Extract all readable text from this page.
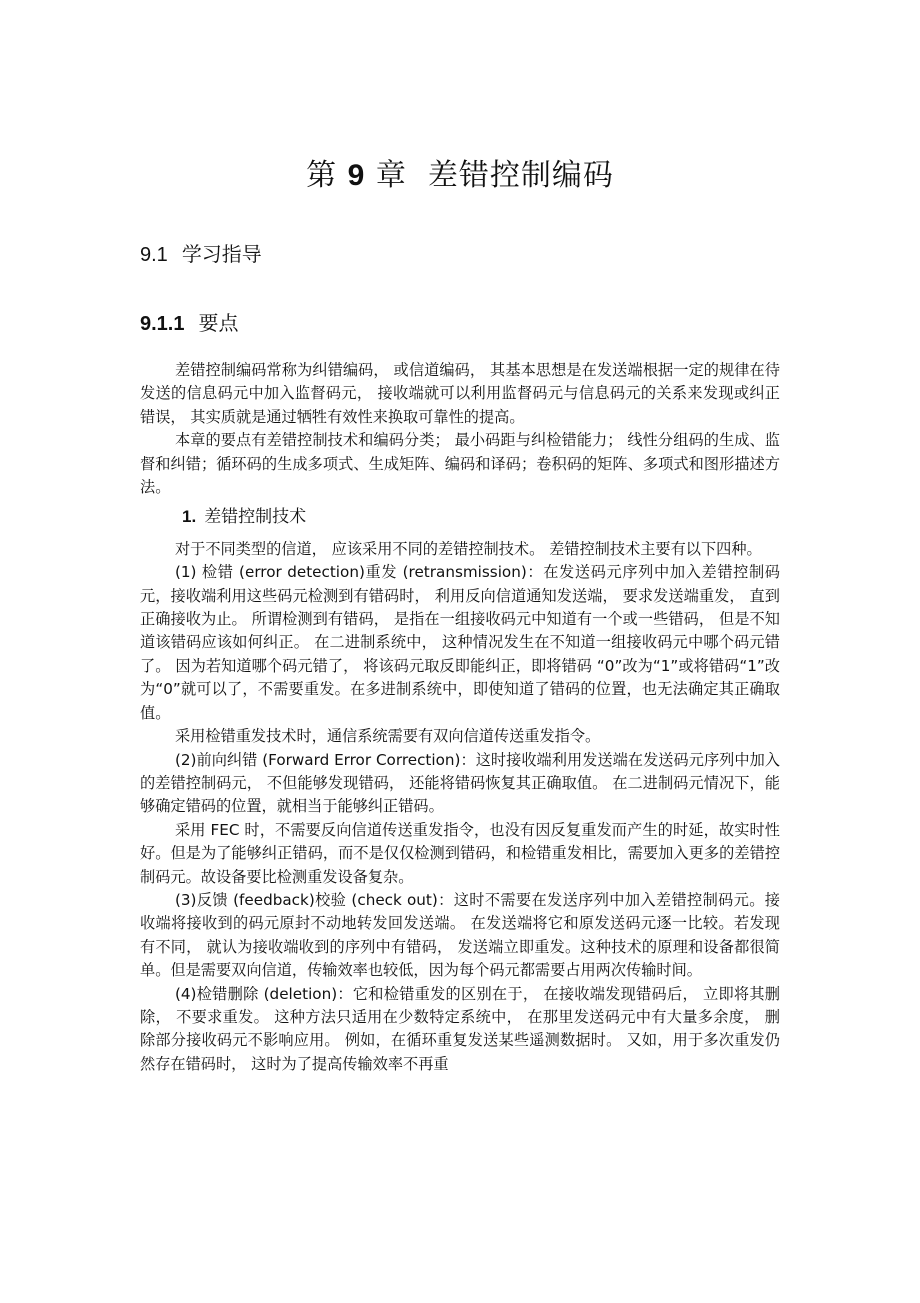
第 9 章 差错控制编码
9.1 学习指导
9.1.1 要点

差错控制编码常称为纠错编码， 或信道编码， 其基本思想是在发送端根据一定的规律在待发送的信息码元中加入监督码元， 接收端就可以利用监督码元与信息码元的关系来发现或纠正错误， 其实质就是通过牺牲有效性来换取可靠性的提高。

本章的要点有差错控制技术和编码分类； 最小码距与纠检错能力； 线性分组码的生成、监督和纠错；循环码的生成多项式、生成矩阵、编码和译码；卷积码的矩阵、多项式和图形描述方法。

1. 差错控制技术

对于不同类型的信道， 应该采用不同的差错控制技术。 差错控制技术主要有以下四种。

(1) 检错 (error detection)重发 (retransmission)：在发送码元序列中加入差错控制码元，接收端利用这些码元检测到有错码时， 利用反向信道通知发送端， 要求发送端重发， 直到正确接收为止。 所谓检测到有错码， 是指在一组接收码元中知道有一个或一些错码， 但是不知道该错码应该如何纠正。 在二进制系统中， 这种情况发生在不知道一组接收码元中哪个码元错了。 因为若知道哪个码元错了， 将该码元取反即能纠正，即将错码 “0”改为“1”或将错码“1”改为“0”就可以了，不需要重发。在多进制系统中，即使知道了错码的位置，也无法确定其正确取值。

采用检错重发技术时，通信系统需要有双向信道传送重发指令。

(2)前向纠错 (Forward Error Correction)：这时接收端利用发送端在发送码元序列中加入的差错控制码元， 不但能够发现错码， 还能将错码恢复其正确取值。 在二进制码元情况下，能够确定错码的位置，就相当于能够纠正错码。

采用 FEC 时，不需要反向信道传送重发指令，也没有因反复重发而产生的时延，故实时性好。但是为了能够纠正错码，而不是仅仅检测到错码，和检错重发相比，需要加入更多的差错控制码元。故设备要比检测重发设备复杂。

(3)反馈 (feedback)校验 (check out)：这时不需要在发送序列中加入差错控制码元。接收端将接收到的码元原封不动地转发回发送端。 在发送端将它和原发送码元逐一比较。若发现有不同， 就认为接收端收到的序列中有错码， 发送端立即重发。这种技术的原理和设备都很简单。但是需要双向信道，传输效率也较低，因为每个码元都需要占用两次传输时间。

(4)检错删除 (deletion)：它和检错重发的区别在于， 在接收端发现错码后， 立即将其删除， 不要求重发。 这种方法只适用在少数特定系统中， 在那里发送码元中有大量多余度， 删除部分接收码元不影响应用。 例如，在循环重复发送某些遥测数据时。 又如，用于多次重发仍然存在错码时， 这时为了提高传输效率不再重
